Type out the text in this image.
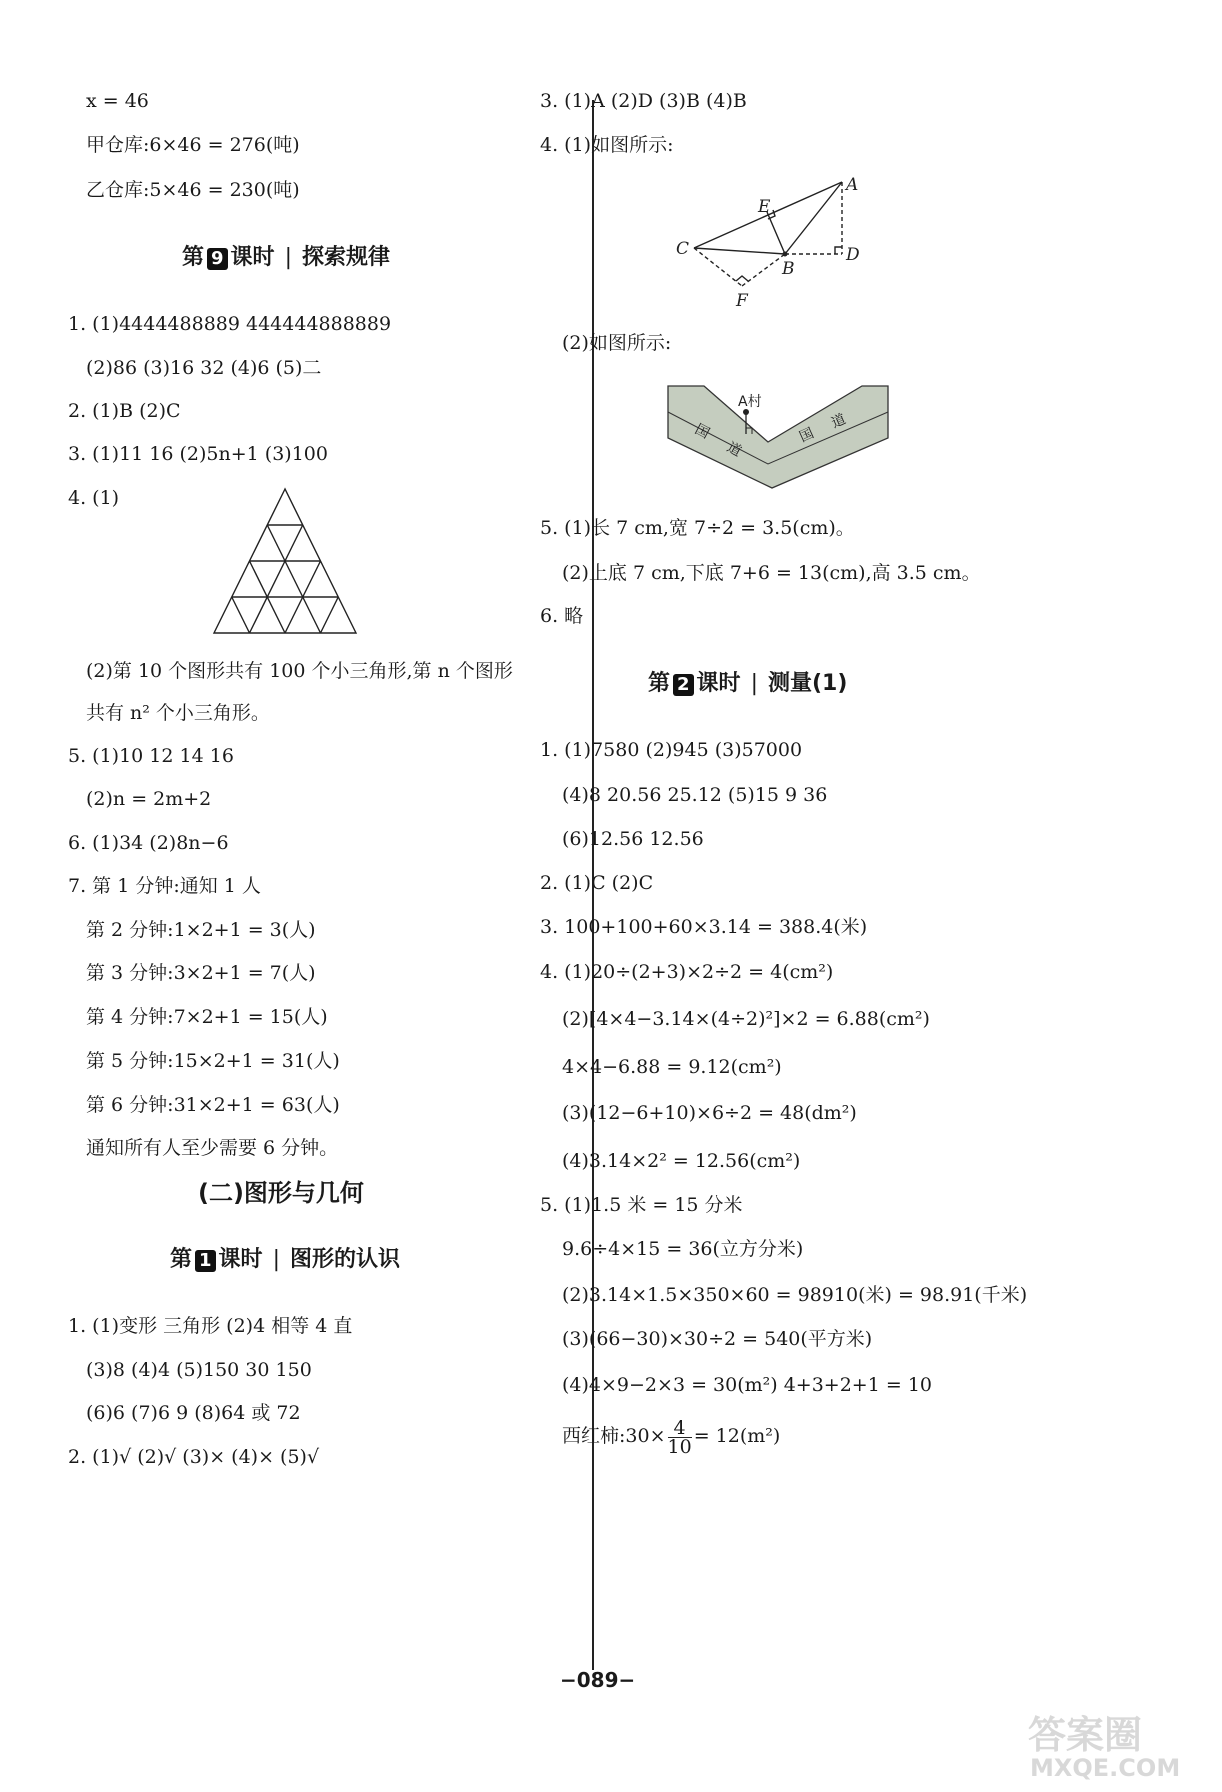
x = 46
甲仓库:6×46 = 276(吨)
乙仓库:5×46 = 230(吨)
第 9 课时 | 探索规律
1. (1)4444488889 444444888889
(2)86 (3)16 32 (4)6 (5)二
2. (1)B (2)C
3. (1)11 16 (2)5n+1 (3)100
4. (1)
(2)第 10 个图形共有 100 个小三角形,第 n 个图形
共有 n² 个小三角形。
5. (1)10 12 14 16
(2)n = 2m+2
6. (1)34 (2)8n−6
7. 第 1 分钟:通知 1 人
第 2 分钟:1×2+1 = 3(人)
第 3 分钟:3×2+1 = 7(人)
第 4 分钟:7×2+1 = 15(人)
第 5 分钟:15×2+1 = 31(人)
第 6 分钟:31×2+1 = 63(人)
通知所有人至少需要 6 分钟。
(二)图形与几何
第 1 课时 | 图形的认识
1. (1)变形 三角形 (2)4 相等 4 直
(3)8 (4)4 (5)150 30 150
(6)6 (7)6 9 (8)64 或 72
2. (1)√ (2)√ (3)× (4)× (5)√
3. (1)A (2)D (3)B (4)B
4. (1)如图所示:
A
B
C	D
E
F
(2)如图所示:
A村
国
道
国
道
5. (1)长 7 cm,宽 7÷2 = 3.5(cm)。
(2)上底 7 cm,下底 7+6 = 13(cm),高 3.5 cm。
6. 略
第 2 课时 | 测量(1)
1. (1)7580 (2)945 (3)57000
(4)8 20.56 25.12 (5)15 9 36
(6)12.56 12.56
2. (1)C (2)C
3. 100+100+60×3.14 = 388.4(米)
4. (1)20÷(2+3)×2÷2 = 4(cm²)
(2)[4×4−3.14×(4÷2)²]×2 = 6.88(cm²)
4×4−6.88 = 9.12(cm²)
(3)(12−6+10)×6÷2 = 48(dm²)
(4)3.14×2² = 12.56(cm²)
5. (1)1.5 米 = 15 分米
9.6÷4×15 = 36(立方分米)
(2)3.14×1.5×350×60 = 98910(米) = 98.91(千米)
(3)(66−30)×30÷2 = 540(平方米)
(4)4×9−2×3 = 30(m²) 4+3+2+1 = 10
西红柿:30× $\frac{4}{10} = 12(m^2)$
−089−
答案圈
MXQE.COM
